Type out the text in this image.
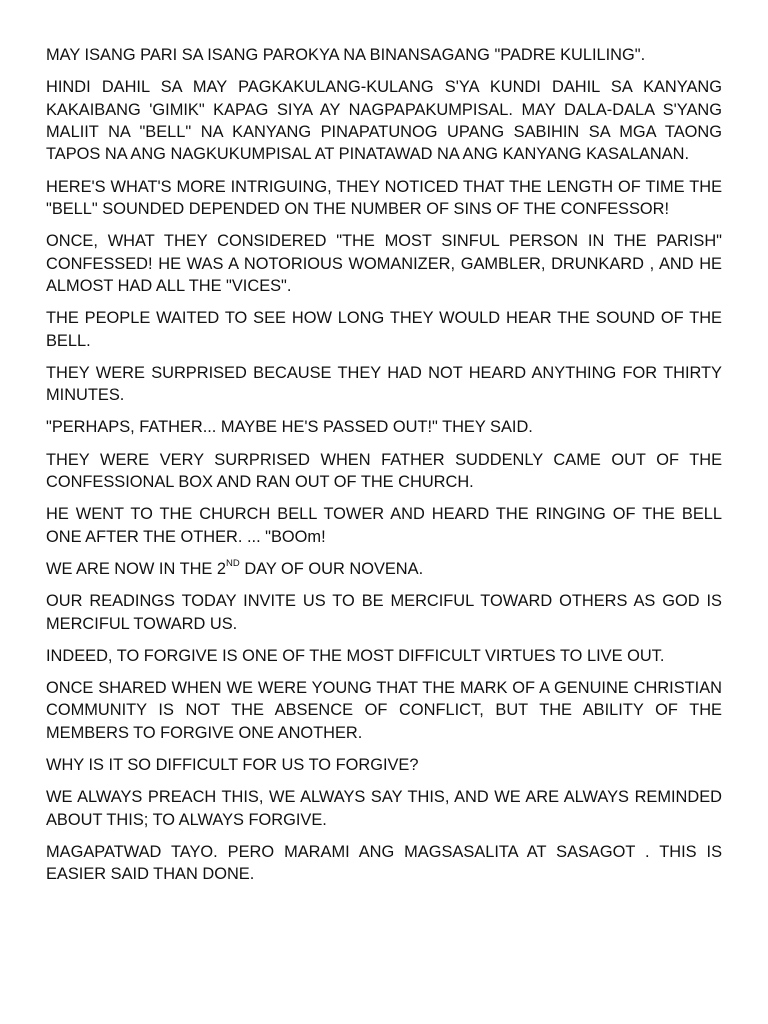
MAY ISANG PARI SA ISANG PAROKYA NA BINANSAGANG "PADRE KULILING".

HINDI DAHIL SA MAY PAGKAKULANG-KULANG S'YA KUNDI DAHIL SA KANYANG KAKAIBANG 'GIMIK" KAPAG SIYA AY NAGPAPAKUMPISAL. MAY DALA-DALA S'YANG MALIIT NA "BELL" NA KANYANG PINAPATUNOG UPANG SABIHIN SA MGA TAONG TAPOS NA ANG NAGKUKUMPISAL AT PINATAWAD NA ANG KANYANG KASALANAN.

HERE'S WHAT'S MORE INTRIGUING, THEY NOTICED THAT THE LENGTH OF TIME THE "BELL" SOUNDED DEPENDED ON THE NUMBER OF SINS OF THE CONFESSOR!

ONCE, WHAT THEY CONSIDERED "THE MOST SINFUL PERSON IN THE PARISH" CONFESSED! HE WAS A NOTORIOUS WOMANIZER, GAMBLER, DRUNKARD , AND HE ALMOST HAD ALL THE "VICES".

THE PEOPLE WAITED TO SEE HOW LONG THEY WOULD HEAR THE SOUND OF THE BELL.

THEY WERE SURPRISED BECAUSE THEY HAD NOT HEARD ANYTHING FOR THIRTY MINUTES.

"PERHAPS, FATHER... MAYBE HE'S PASSED OUT!" THEY SAID.

THEY WERE VERY SURPRISED WHEN FATHER SUDDENLY CAME OUT OF THE CONFESSIONAL BOX AND RAN OUT OF THE CHURCH.

HE WENT TO THE CHURCH BELL TOWER AND HEARD THE RINGING OF THE BELL ONE AFTER THE OTHER. ... "BOOm!

WE ARE NOW IN THE 2ND DAY OF OUR NOVENA.

OUR READINGS TODAY INVITE US TO BE MERCIFUL TOWARD OTHERS AS GOD IS MERCIFUL TOWARD US.

INDEED, TO FORGIVE IS ONE OF THE MOST DIFFICULT VIRTUES TO LIVE OUT.

ONCE SHARED WHEN WE WERE YOUNG THAT THE MARK OF A GENUINE CHRISTIAN COMMUNITY IS NOT THE ABSENCE OF CONFLICT, BUT THE ABILITY OF THE MEMBERS TO FORGIVE ONE ANOTHER.

WHY IS IT SO DIFFICULT FOR US TO FORGIVE?

WE ALWAYS PREACH THIS, WE ALWAYS SAY THIS, AND WE ARE ALWAYS REMINDED ABOUT THIS; TO ALWAYS FORGIVE.

MAGAPATWAD TAYO. PERO MARAMI ANG MAGSASALITA AT SASAGOT . THIS IS EASIER SAID THAN DONE.
